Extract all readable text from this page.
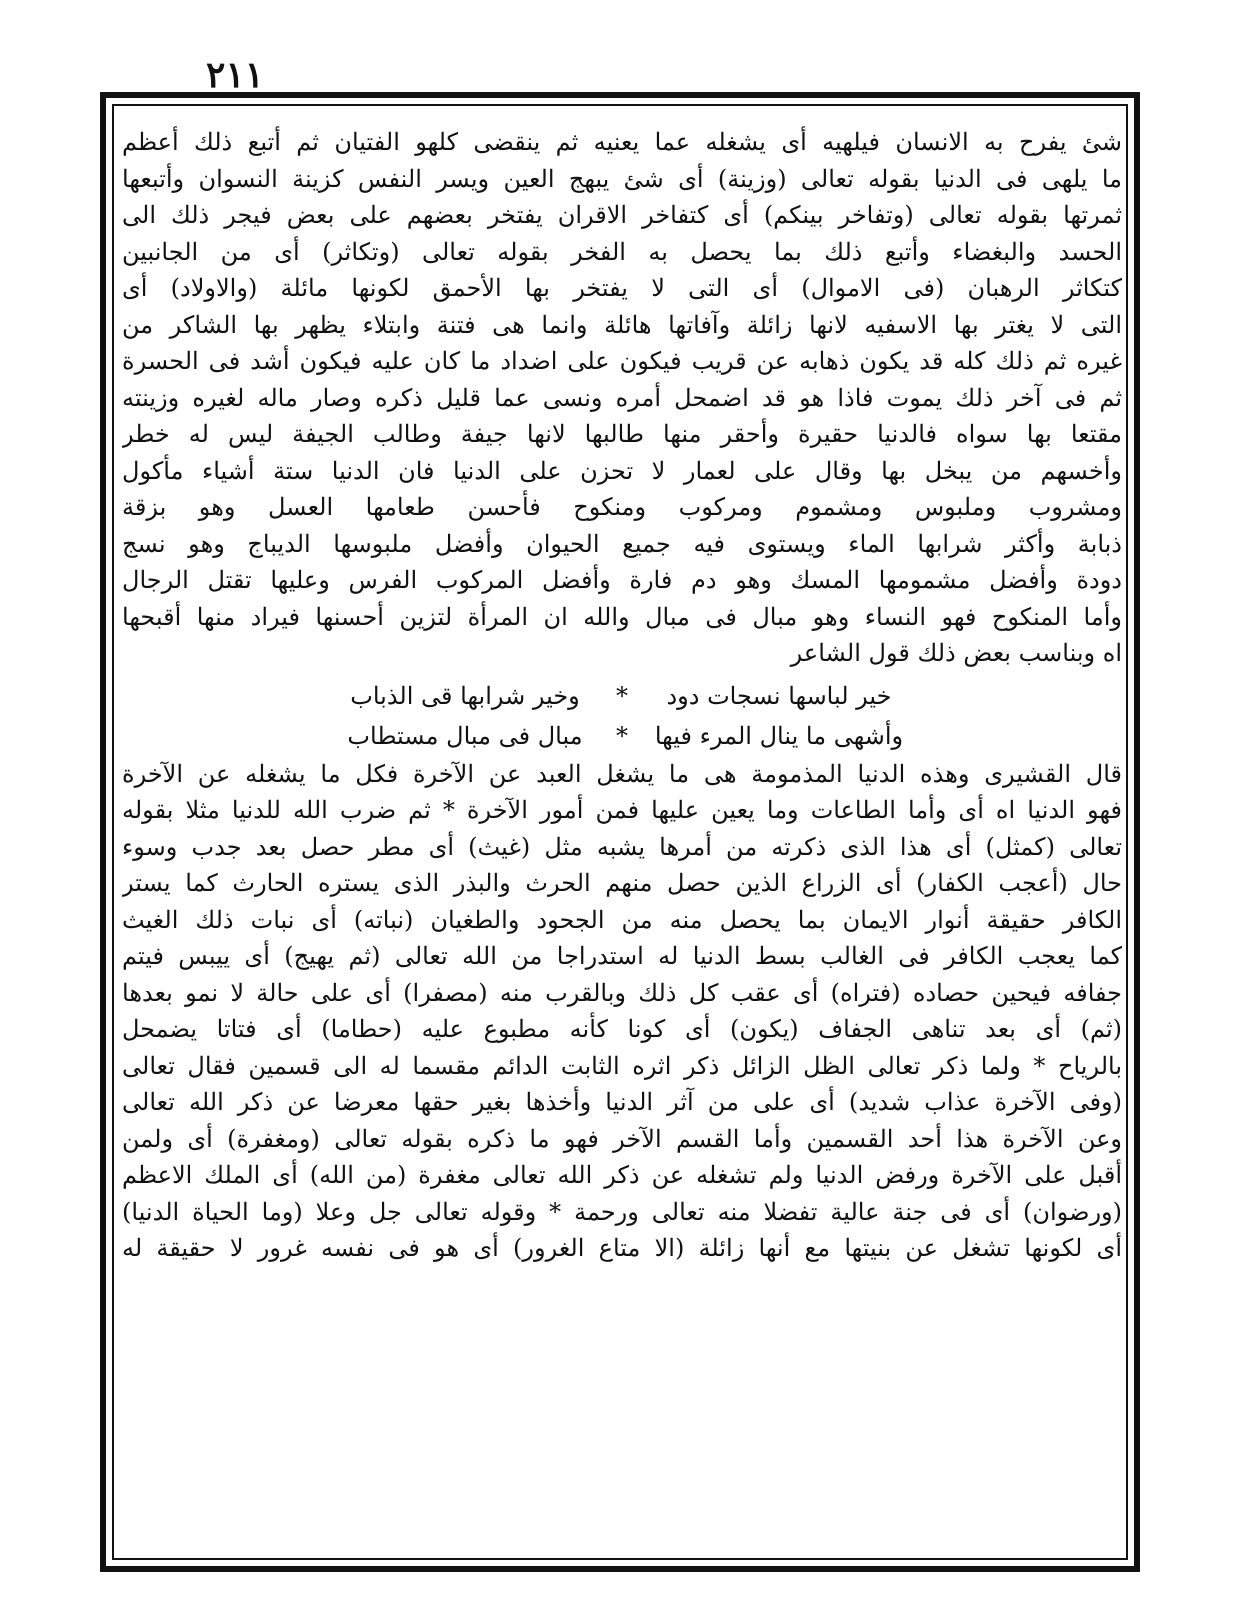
٢١١
شئ يفرح به الانسان فيلهيه أى يشغله عما يعنيه ثم ينقضى كلهو الفتيان ثم أتبع ذلك أعظم
ما يلهى فى الدنيا بقوله تعالى (وزينة) أى شئ يبهج العين ويسر النفس كزينة النسوان وأتبعها
ثمرتها بقوله تعالى (وتفاخر بينكم) أى كتفاخر الاقران يفتخر بعضهم على بعض فيجر ذلك الى
الحسد والبغضاء وأتبع ذلك بما يحصل به الفخر بقوله تعالى (وتكاثر) أى من الجانبين
كتكاثر الرهبان (فى الاموال) أى التى لا يفتخر بها الأحمق لكونها مائلة (والاولاد) أى
التى لا يغتر بها الاسفيه لانها زائلة وآفاتها هائلة وانما هى فتنة وابتلاء يظهر بها الشاكر من
غيره ثم ذلك كله قد يكون ذهابه عن قريب فيكون على اضداد ما كان عليه فيكون أشد فى الحسرة
ثم فى آخر ذلك يموت فاذا هو قد اضمحل أمره ونسى عما قليل ذكره وصار ماله لغيره وزينته
مقتعا بها سواه فالدنيا حقيرة وأحقر منها طالبها لانها جيفة وطالب الجيفة ليس له خطر
وأخسهم من يبخل بها وقال على لعمار لا تحزن على الدنيا فان الدنيا ستة أشياء مأكول
ومشروب وملبوس ومشموم ومركوب ومنكوح فأحسن طعامها العسل وهو بزقة
ذبابة وأكثر شرابها الماء ويستوى فيه جميع الحيوان وأفضل ملبوسها الديباج وهو نسج
دودة وأفضل مشمومها المسك وهو دم فارة وأفضل المركوب الفرس وعليها تقتل الرجال
وأما المنكوح فهو النساء وهو مبال فى مبال والله ان المرأة لتزين أحسنها فيراد منها أقبحها
اه وبناسب بعض ذلك قول الشاعر
خير لباسها نسجات دود
*
وخير شرابها قى الذباب
وأشهى ما ينال المرء فيها
*
مبال فى مبال مستطاب
قال القشيرى وهذه الدنيا المذمومة هى ما يشغل العبد عن الآخرة فكل ما يشغله عن الآخرة
فهو الدنيا اه أى وأما الطاعات وما يعين عليها فمن أمور الآخرة * ثم ضرب الله للدنيا مثلا بقوله
تعالى (كمثل) أى هذا الذى ذكرته من أمرها يشبه مثل (غيث) أى مطر حصل بعد جدب وسوء
حال (أعجب الكفار) أى الزراع الذين حصل منهم الحرث والبذر الذى يستره الحارث كما يستر
الكافر حقيقة أنوار الايمان بما يحصل منه من الجحود والطغيان (نباته) أى نبات ذلك الغيث
كما يعجب الكافر فى الغالب بسط الدنيا له استدراجا من الله تعالى (ثم يهيج) أى ييبس فيتم
جفافه فيحين حصاده (فتراه) أى عقب كل ذلك وبالقرب منه (مصفرا) أى على حالة لا نمو بعدها
(ثم) أى بعد تناهى الجفاف (يكون) أى كونا كأنه مطبوع عليه (حطاما) أى فتاتا يضمحل
بالرياح * ولما ذكر تعالى الظل الزائل ذكر اثره الثابت الدائم مقسما له الى قسمين فقال تعالى
(وفى الآخرة عذاب شديد) أى على من آثر الدنيا وأخذها بغير حقها معرضا عن ذكر الله تعالى
وعن الآخرة هذا أحد القسمين وأما القسم الآخر فهو ما ذكره بقوله تعالى (ومغفرة) أى ولمن
أقبل على الآخرة ورفض الدنيا ولم تشغله عن ذكر الله تعالى مغفرة (من الله) أى الملك الاعظم
(ورضوان) أى فى جنة عالية تفضلا منه تعالى ورحمة * وقوله تعالى جل وعلا (وما الحياة الدنيا)
أى لكونها تشغل عن بنيتها مع أنها زائلة (الا متاع الغرور) أى هو فى نفسه غرور لا حقيقة له
